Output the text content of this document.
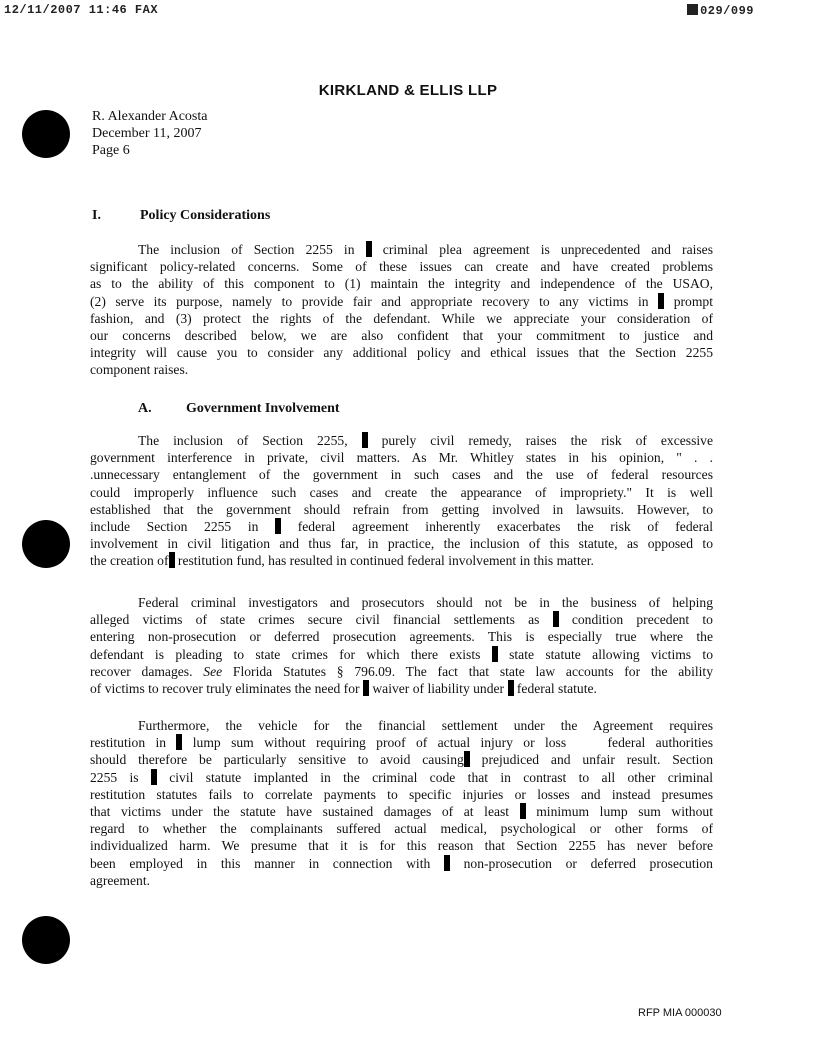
12/11/2007 11:46 FAX	029/099
KIRKLAND & ELLIS LLP
R. Alexander Acosta
December 11, 2007
Page 6
I.	Policy Considerations
The inclusion of Section 2255 in criminal plea agreement is unprecedented and raises
significant policy-related concerns. Some of these issues can create and have created problems
as to the ability of this component to (1) maintain the integrity and independence of the USAO,
(2) serve its purpose, namely to provide fair and appropriate recovery to any victims in prompt
fashion, and (3) protect the rights of the defendant. While we appreciate your consideration of
our concerns described below, we are also confident that your commitment to justice and
integrity will cause you to consider any additional policy and ethical issues that the Section 2255
component raises.
A. Government Involvement
The inclusion of Section 2255, purely civil remedy, raises the risk of excessive
government interference in private, civil matters. As Mr. Whitley states in his opinion, " . .
.unnecessary entanglement of the government in such cases and the use of federal resources
could improperly influence such cases and create the appearance of impropriety." It is well
established that the government should refrain from getting involved in lawsuits. However, to
include Section 2255 in	federal agreement inherently exacerbates the risk of federal
involvement in civil litigation and thus far, in practice, the inclusion of this statute, as opposed to
the creation of restitution fund, has resulted in continued federal involvement in this matter.
Federal criminal investigators and prosecutors should not be in the business of helping
alleged victims of state crimes secure civil financial settlements as condition precedent to
entering non-prosecution or deferred prosecution agreements. This is especially true where the
defendant is pleading to state crimes for which there exists state statute allowing victims to
recover damages. See Florida Statutes § 796.09. The fact that state law accounts for the ability
of victims to recover truly eliminates the need for waiver of liability under federal statute.
Furthermore, the vehicle for the financial settlement under the Agreement requires
restitution in lump sum without requiring proof of actual injury or loss    federal authorities
should therefore be particularly sensitive to avoid causing prejudiced and unfair result. Section
2255 is civil statute implanted in the criminal code that in contrast to all other criminal
restitution statutes fails to correlate payments to specific injuries or losses and instead presumes
that victims under the statute have sustained damages of at least minimum lump sum without
regard to whether the complainants suffered actual medical, psychological or other forms of
individualized harm. We presume that it is for this reason that Section 2255 has never before
been employed in this manner in connection with non-prosecution or deferred prosecution
agreement.
RFP MIA 000030
